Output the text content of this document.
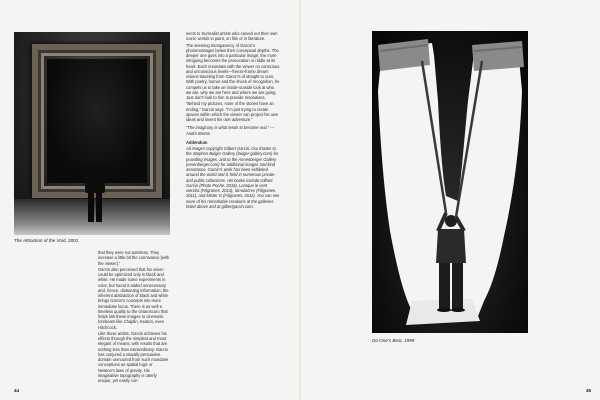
The Attraction of the Void, 2001

that they were not pointless. They increase a little bit the connivance [with the viewer].”

Garcin also perceived that his vision could be optimized only in black and white. He made some experiments in color, but found it added unnecessary and, hence, distracting information; the inherent abstraction of black and white brings Garcin’s concepts into more immediate focus. There is as well a timeless quality to the chiaroscuro that helps link these images to cinematic forebears like Chaplin, Keaton, even Hitchcock.

Like those artists, Garcin achieves his effects through the simplest and most elegant of means, with results that are nothing less than extraordinary. Garcin has conjured a visually persuasive domain unmoored from such mundane conceptions as spatial logic or Newton’s laws of gravity. His imaginative topography is utterly unique, yet easily con-

nects to Surrealist artists who carved out their own iconic worlds in paint, on film or in literature.

The seeming transparency of Garcin’s photomontages belies their conceptual depths. The deeper one goes into a particular image, the more intriguing becomes the provocation or riddle at its heart. Each resonates with the viewer on conscious and unconscious levels—freeze-frame dream visions traveling from Garcin’s id straight to ours. With poetry, humor and the shock of recognition, he compels us to take an inside-outside look at who we are, why we are here and where we are going. Just don’t look to him to provide resolutions.

“Behind my pictures, none of the stories have an ending,” Garcin says. “I’m just trying to create spaces within which the viewer can project his own ideas and invent his own adventure.”

“The imaginary is what tends to become real.” — André Breton

Addendum

All images copyright Gilbert Garcin. Our thanks to the Stephen Bulger Gallery (bulger-gallery.com) for providing images, and to the Annenberger Gallery (ersenberger.com) for additional images and kind assistance. Garcin’s work has been exhibited around the world and is held in numerous private and public collections. His books include Gilbert Garcin (Photo Poche, 2018), Lorsque le vent viendra (Filigranes, 2013), Simulacres (Filigranes, 2011), and Mister G (Filigranes, 2011). You can see more of his remarkable creations at the galleries listed above and at gilbertgarcin.com.

44
Do One’s Best, 1999
45
